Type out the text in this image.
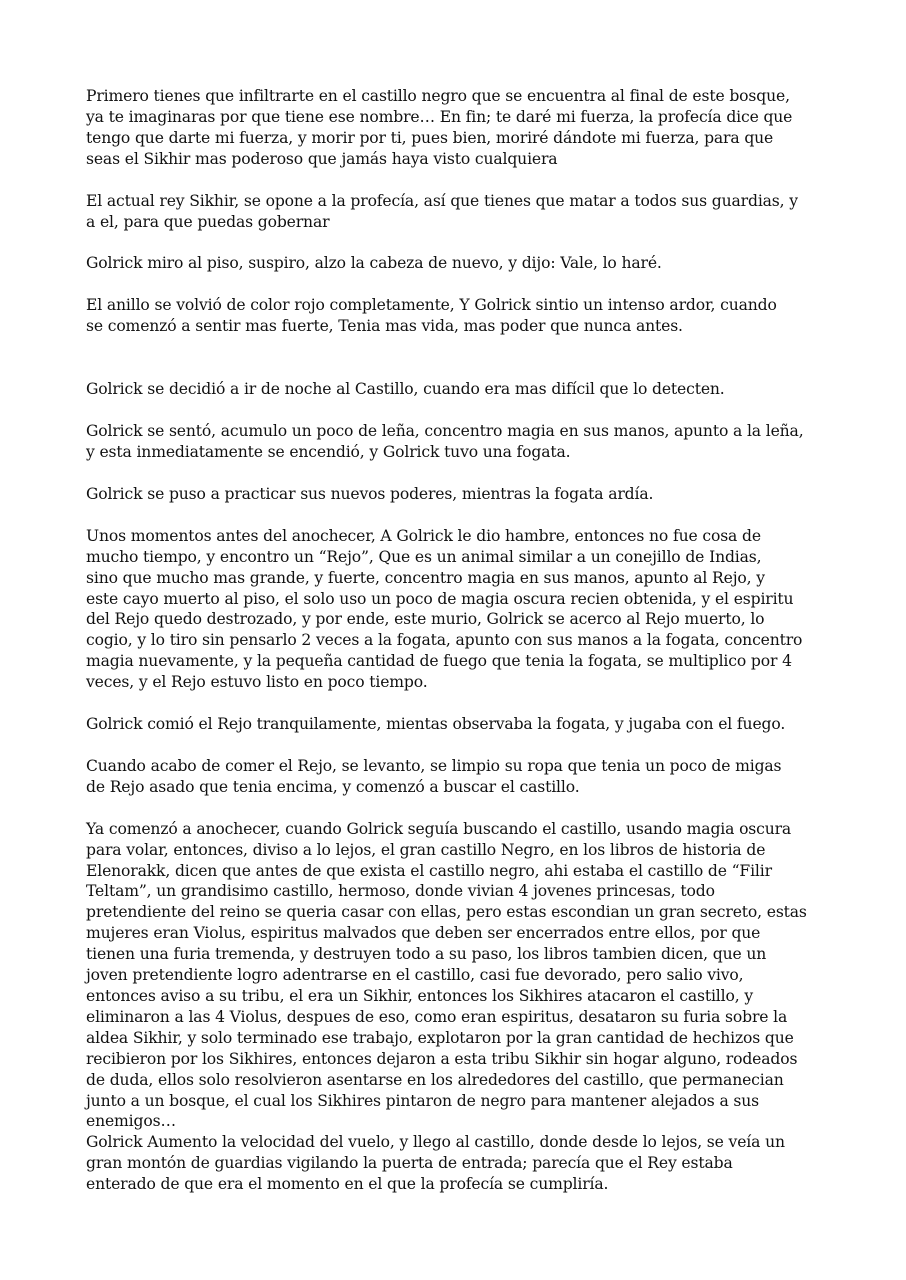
Primero tienes que infiltrarte en el castillo negro que se encuentra al final de este bosque,
ya te imaginaras por que tiene ese nombre… En fin; te daré mi fuerza, la profecía dice que
tengo que darte mi fuerza, y morir por ti, pues bien, moriré dándote mi fuerza, para que
seas el Sikhir mas poderoso que jamás haya visto cualquiera

El actual rey Sikhir, se opone a la profecía, así que tienes que matar a todos sus guardias, y
a el, para que puedas gobernar

Golrick miro al piso, suspiro, alzo la cabeza de nuevo, y dijo: Vale, lo haré.

El anillo se volvió de color rojo completamente, Y Golrick sintio un intenso ardor, cuando
se comenzó a sentir mas fuerte, Tenia mas vida, mas poder que nunca antes.

Golrick se decidió a ir de noche al Castillo, cuando era mas difícil que lo detecten.

Golrick se sentó, acumulo un poco de leña, concentro magia en sus manos, apunto a la leña,
y esta inmediatamente se encendió, y Golrick tuvo una fogata.

Golrick se puso a practicar sus nuevos poderes, mientras la fogata ardía.

Unos momentos antes del anochecer, A Golrick le dio hambre, entonces no fue cosa de
mucho tiempo, y encontro un “Rejo”, Que es un animal similar a un conejillo de Indias,
sino que mucho mas grande, y fuerte, concentro magia en sus manos, apunto al Rejo, y
este cayo muerto al piso, el solo uso un poco de magia oscura recien obtenida, y el espiritu
del Rejo quedo destrozado, y por ende, este murio, Golrick se acerco al Rejo muerto, lo
cogio, y lo tiro sin pensarlo 2 veces a la fogata, apunto con sus manos a la fogata, concentro
magia nuevamente, y la pequeña cantidad de fuego que tenia la fogata, se multiplico por 4
veces, y el Rejo estuvo listo en poco tiempo.

Golrick comió el Rejo tranquilamente, mientas observaba la fogata, y jugaba con el fuego.

Cuando acabo de comer el Rejo, se levanto, se limpio su ropa que tenia un poco de migas
de Rejo asado que tenia encima, y comenzó a buscar el castillo.

Ya comenzó a anochecer, cuando Golrick seguía buscando el castillo, usando magia oscura
para volar, entonces, diviso a lo lejos, el gran castillo Negro, en los libros de historia de
Elenorakk, dicen que antes de que exista el castillo negro, ahi estaba el castillo de “Filir
Teltam”, un grandisimo castillo, hermoso, donde vivian 4 jovenes princesas, todo
pretendiente del reino se queria casar con ellas, pero estas escondian un gran secreto, estas
mujeres eran Violus, espiritus malvados que deben ser encerrados entre ellos, por que
tienen una furia tremenda, y destruyen todo a su paso, los libros tambien dicen, que un
joven pretendiente logro adentrarse en el castillo, casi fue devorado, pero salio vivo,
entonces aviso a su tribu, el era un Sikhir, entonces los Sikhires atacaron el castillo, y
eliminaron a las 4 Violus, despues de eso, como eran espiritus, desataron su furia sobre la
aldea Sikhir, y solo terminado ese trabajo, explotaron por la gran cantidad de hechizos que
recibieron por los Sikhires, entonces dejaron a esta tribu Sikhir sin hogar alguno, rodeados
de duda, ellos solo resolvieron asentarse en los alrededores del castillo, que permanecian
junto a un bosque, el cual los Sikhires pintaron de negro para mantener alejados a sus
enemigos…

Golrick Aumento la velocidad del vuelo, y llego al castillo, donde desde lo lejos, se veía un
gran montón de guardias vigilando la puerta de entrada; parecía que el Rey estaba
enterado de que era el momento en el que la profecía se cumpliría.
